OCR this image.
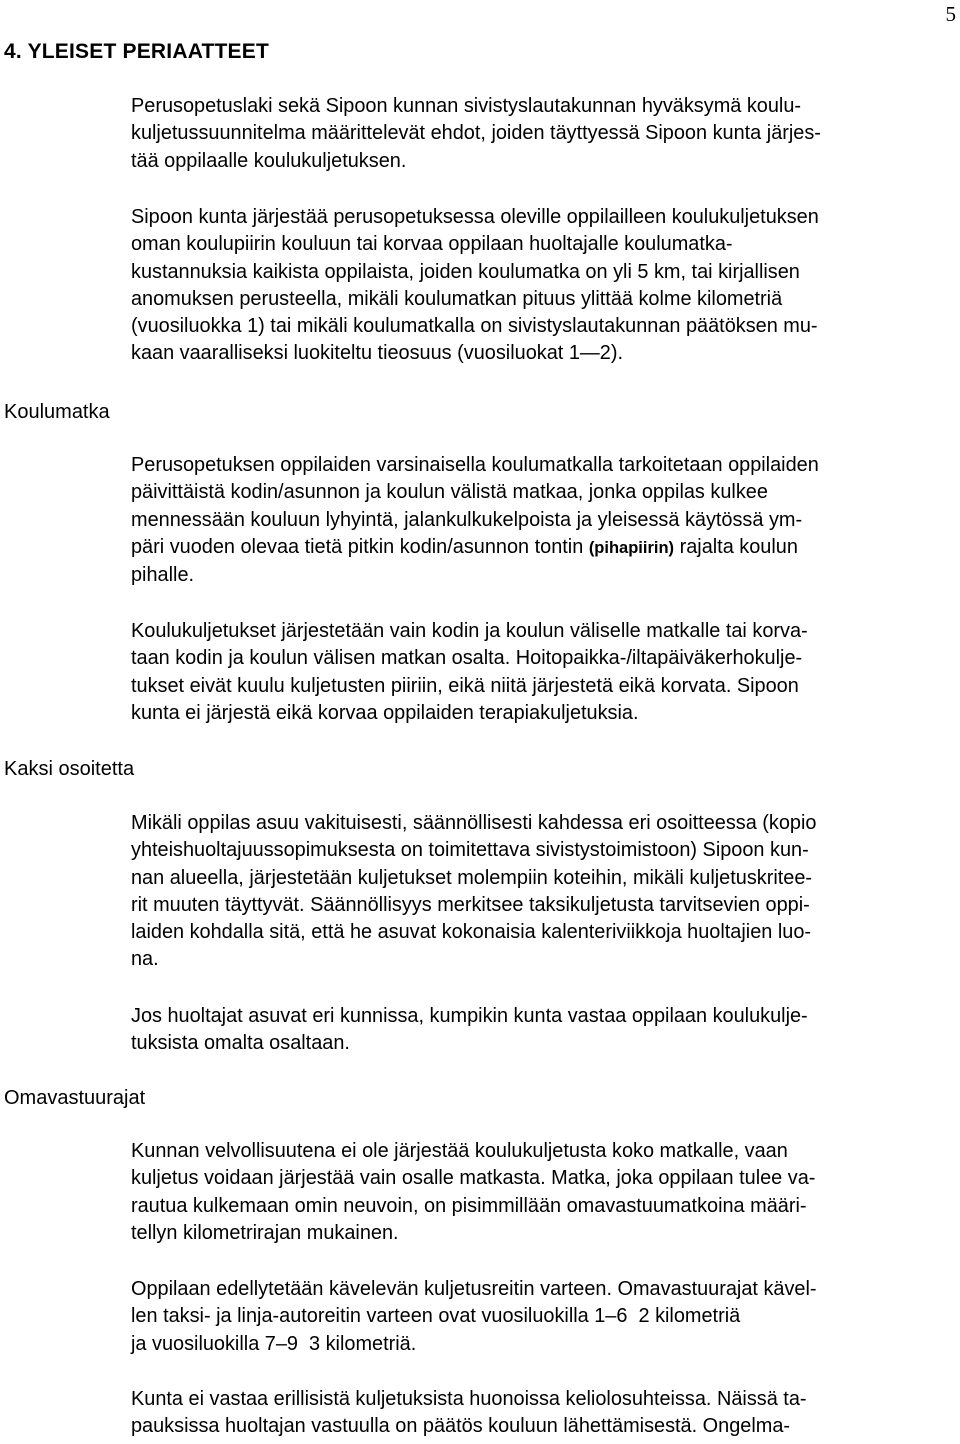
5
4. YLEISET PERIAATTEET
Koulumatka
Kaksi osoitetta
Omavastuurajat

Perusopetuslaki sekä Sipoon kunnan sivistyslautakunnan hyväksymä koulu-
kuljetussuunnitelma määrittelevät ehdot, joiden täyttyessä Sipoon kunta järjes-
tää oppilaalle koulukuljetuksen.

Sipoon kunta järjestää perusopetuksessa oleville oppilailleen koulukuljetuksen
oman koulupiirin kouluun tai korvaa oppilaan huoltajalle koulumatka-
kustannuksia kaikista oppilaista, joiden koulumatka on yli 5 km, tai kirjallisen
anomuksen perusteella, mikäli koulumatkan pituus ylittää kolme kilometriä
(vuosiluokka 1) tai mikäli koulumatkalla on sivistyslautakunnan päätöksen mu-
kaan vaaralliseksi luokiteltu tieosuus (vuosiluokat 1—2).

Perusopetuksen oppilaiden varsinaisella koulumatkalla tarkoitetaan oppilaiden
päivittäistä kodin/asunnon ja koulun välistä matkaa, jonka oppilas kulkee
mennessään kouluun lyhyintä, jalankulkukelpoista ja yleisessä käytössä ym-
päri vuoden olevaa tietä pitkin kodin/asunnon tontin (pihapiirin) rajalta koulun
pihalle.

Koulukuljetukset järjestetään vain kodin ja koulun väliselle matkalle tai korva-
taan kodin ja koulun välisen matkan osalta. Hoitopaikka-/iltapäiväkerhokulje-
tukset eivät kuulu kuljetusten piiriin, eikä niitä järjestetä eikä korvata. Sipoon
kunta ei järjestä eikä korvaa oppilaiden terapiakuljetuksia.

Mikäli oppilas asuu vakituisesti, säännöllisesti kahdessa eri osoitteessa (kopio
yhteishuoltajuussopimuksesta on toimitettava sivistystoimistoon) Sipoon kun-
nan alueella, järjestetään kuljetukset molempiin koteihin, mikäli kuljetuskritee-
rit muuten täyttyvät. Säännöllisyys merkitsee taksikuljetusta tarvitsevien oppi-
laiden kohdalla sitä, että he asuvat kokonaisia kalenteriviikkoja huoltajien luo-
na.

Jos huoltajat asuvat eri kunnissa, kumpikin kunta vastaa oppilaan koulukulje-
tuksista omalta osaltaan.

Kunnan velvollisuutena ei ole järjestää koulukuljetusta koko matkalle, vaan
kuljetus voidaan järjestää vain osalle matkasta. Matka, joka oppilaan tulee va-
rautua kulkemaan omin neuvoin, on pisimmillään omavastuumatkoina määri-
tellyn kilometrirajan mukainen.

Oppilaan edellytetään kävelevän kuljetusreitin varteen. Omavastuurajat kävel-
len taksi- ja linja-autoreitin varteen ovat vuosiluokilla 1–6  2 kilometriä
ja vuosiluokilla 7–9  3 kilometriä.

Kunta ei vastaa erillisistä kuljetuksista huonoissa keliolosuhteissa. Näissä ta-
pauksissa huoltajan vastuulla on päätös kouluun lähettämisestä. Ongelma-
